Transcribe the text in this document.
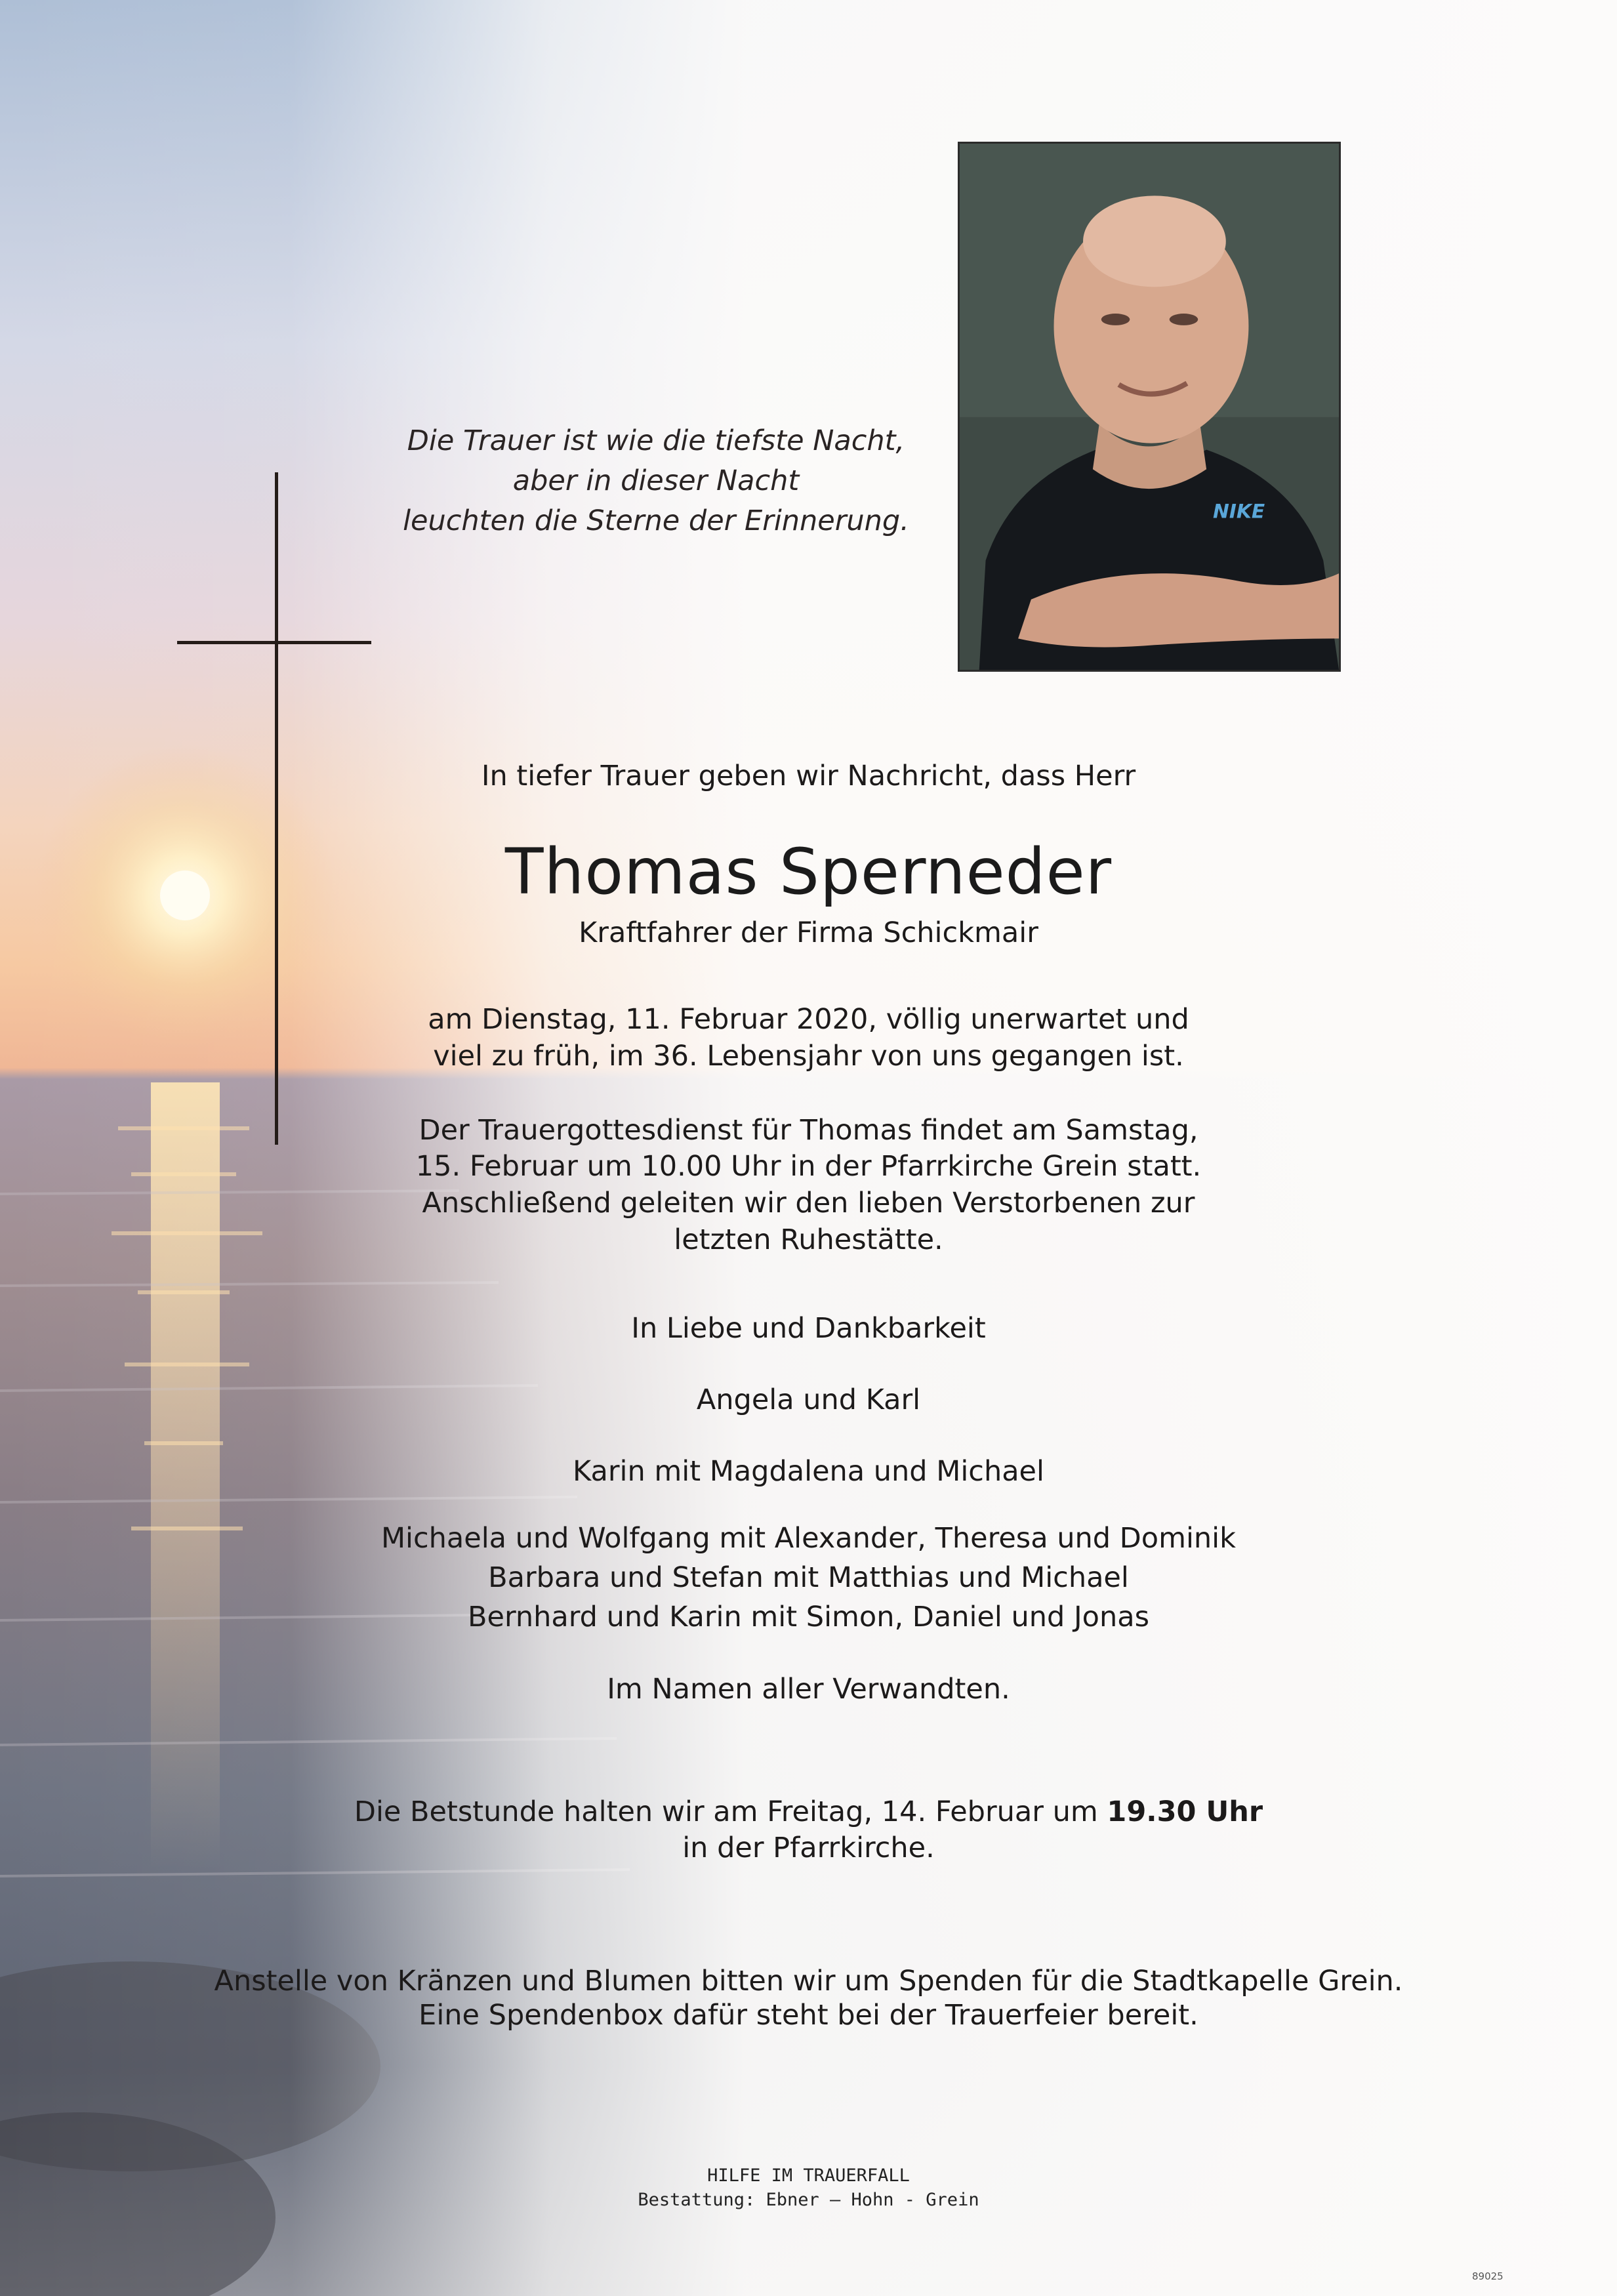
Die Trauer ist wie die tiefste Nacht,
aber in dieser Nacht
leuchten die Sterne der Erinnerung.	NIKE
In tiefer Trauer geben wir Nachricht, dass Herr
Thomas Sperneder
Kraftfahrer der Firma Schickmair
am Dienstag, 11. Februar 2020, völlig unerwartet und
viel zu früh, im 36. Lebensjahr von uns gegangen ist.
Der Trauergottesdienst für Thomas findet am Samstag,
15. Februar um 10.00 Uhr in der Pfarrkirche Grein statt.
Anschließend geleiten wir den lieben Verstorbenen zur
letzten Ruhestätte.
In Liebe und Dankbarkeit
Angela und Karl
Karin mit Magdalena und Michael
Michaela und Wolfgang mit Alexander, Theresa und Dominik
Barbara und Stefan mit Matthias und Michael
Bernhard und Karin mit Simon, Daniel und Jonas
Im Namen aller Verwandten.
Die Betstunde halten wir am Freitag, 14. Februar um 19.30 Uhr
in der Pfarrkirche.
Anstelle von Kränzen und Blumen bitten wir um Spenden für die Stadtkapelle Grein.
Eine Spendenbox dafür steht bei der Trauerfeier bereit.
HILFE IM TRAUERFALL
Bestattung: Ebner – Hohn - Grein
89025
